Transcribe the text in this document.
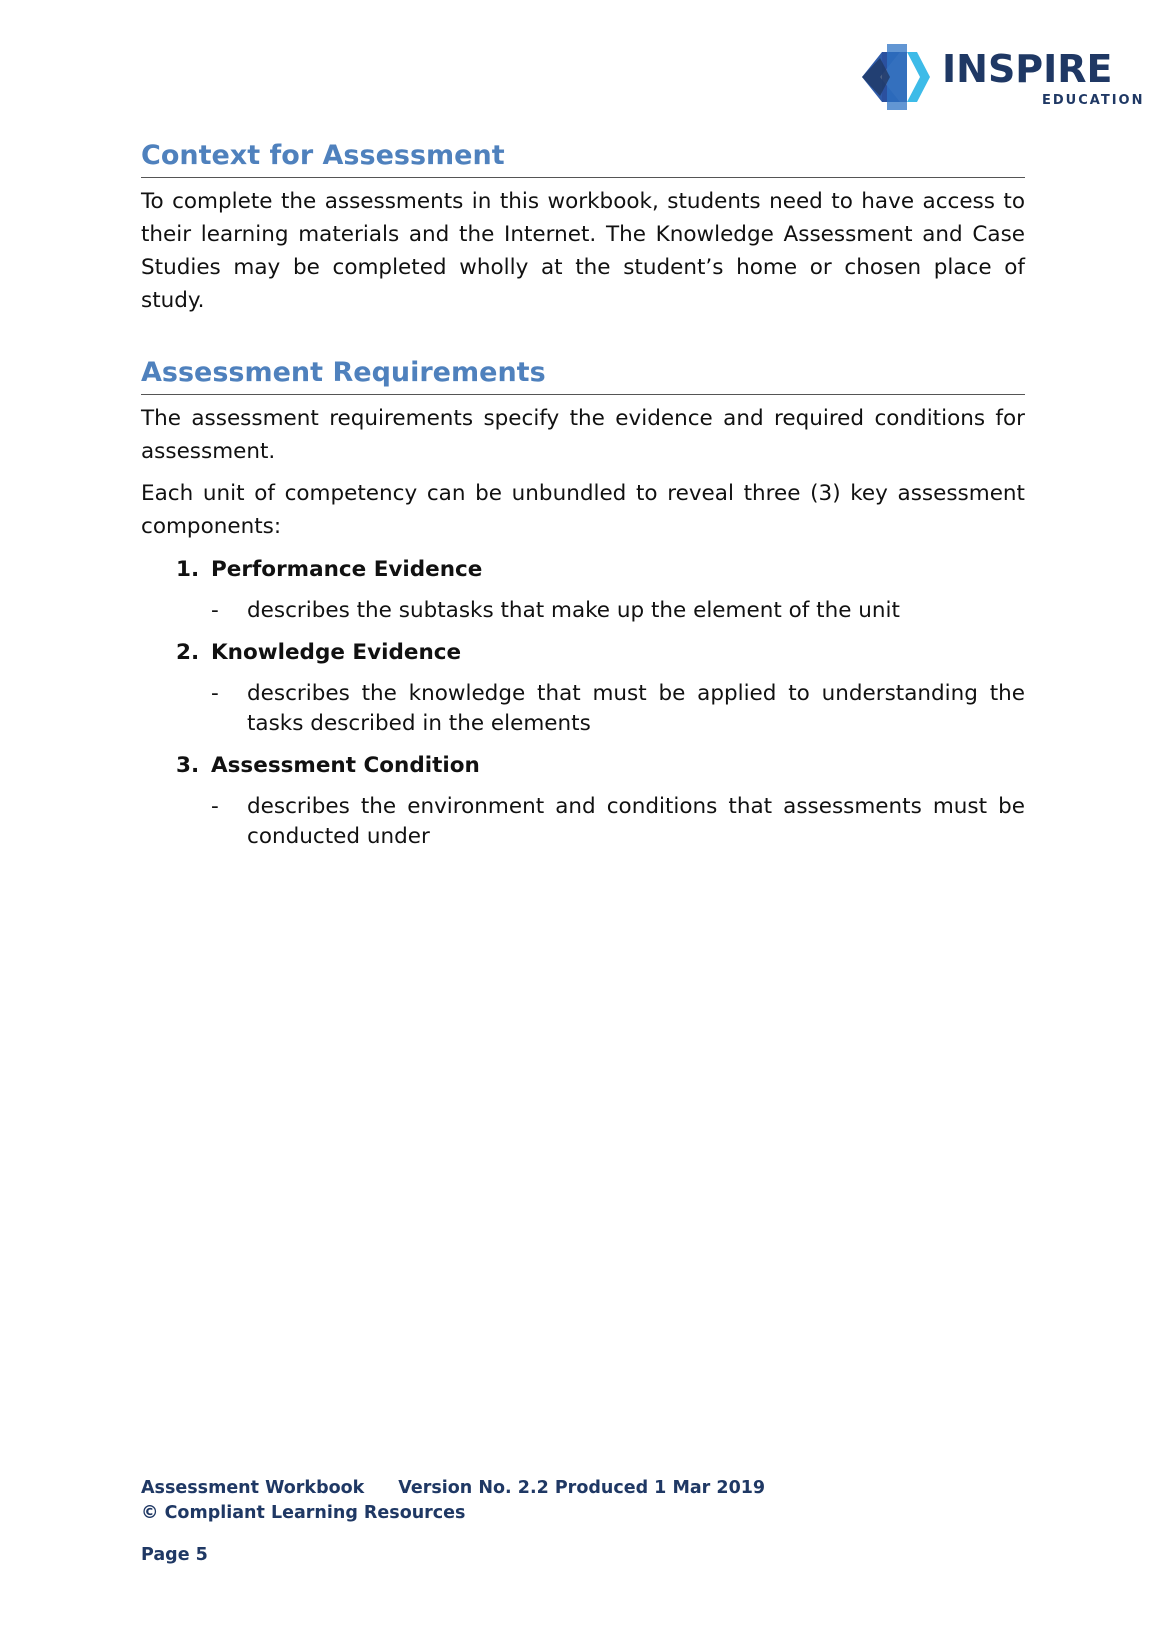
INSPIRE
EDUCATION
Context for Assessment

To complete the assessments in this workbook, students need to have access to their learning materials and the Internet. The Knowledge Assessment and Case Studies may be completed wholly at the student’s home or chosen place of study.

Assessment Requirements

The assessment requirements specify the evidence and required conditions for assessment.

Each unit of competency can be unbundled to reveal three (3) key assessment components:

1. Performance Evidence
- describes the subtasks that make up the element of the unit
2. Knowledge Evidence
- describes the knowledge that must be applied to understanding the tasks described in the elements
3. Assessment Condition
- describes the environment and conditions that assessments must be conducted under
Assessment Workbook Version No. 2.2 Produced 1 Mar 2019
© Compliant Learning Resources
Page 5
